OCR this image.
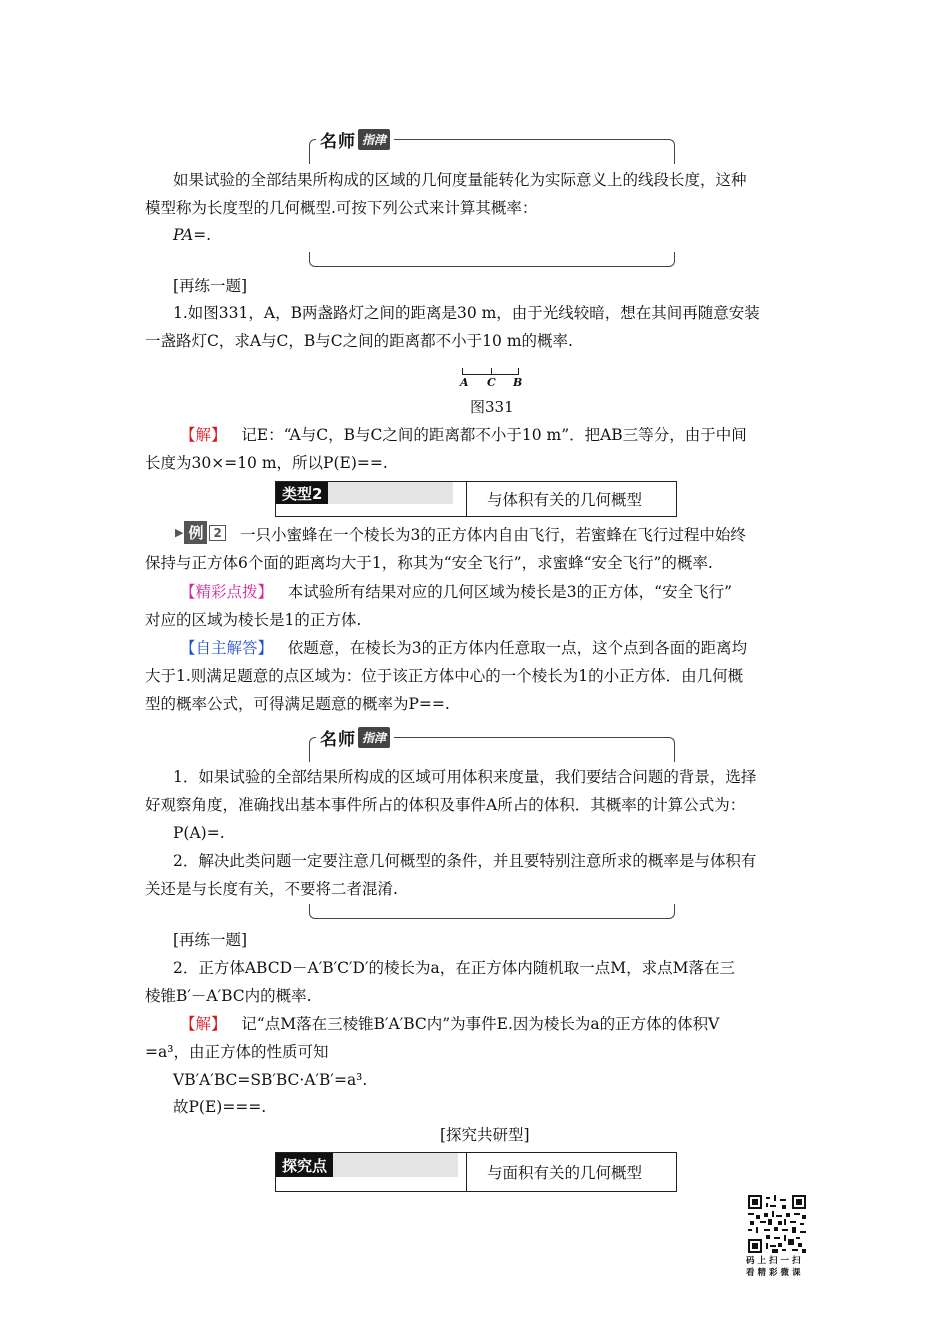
名师 指津
如果试验的全部结果所构成的区域的几何度量能转化为实际意义上的线段长度，这种
模型称为长度型的几何概型.可按下列公式来计算其概率：
PA=.
[再练一题]
1.如图331，A，B两盏路灯之间的距离是30 m，由于光线较暗，想在其间再随意安装
一盏路灯C，求A与C，B与C之间的距离都不小于10 m的概率.
A C B
图331
【解】 记E：“A与C，B与C之间的距离都不小于10 m”．把AB三等分，由于中间
长度为30×=10 m，所以P(E)==.
类型2	与体积有关的几何概型
▶ 例 2 一只小蜜蜂在一个棱长为3的正方体内自由飞行，若蜜蜂在飞行过程中始终
保持与正方体6个面的距离均大于1，称其为“安全飞行”，求蜜蜂“安全飞行”的概率.
【精彩点拨】 本试验所有结果对应的几何区域为棱长是3的正方体，“安全飞行”
对应的区域为棱长是1的正方体.
【自主解答】 依题意，在棱长为3的正方体内任意取一点，这个点到各面的距离均
大于1.则满足题意的点区域为：位于该正方体中心的一个棱长为1的小正方体．由几何概
型的概率公式，可得满足题意的概率为P==.
名师 指津
1．如果试验的全部结果所构成的区域可用体积来度量，我们要结合问题的背景，选择
好观察角度，准确找出基本事件所占的体积及事件A所占的体积．其概率的计算公式为：
P(A)=.
2．解决此类问题一定要注意几何概型的条件，并且要特别注意所求的概率是与体积有
关还是与长度有关，不要将二者混淆.
[再练一题]
2．正方体ABCD－A′B′C′D′的棱长为a，在正方体内随机取一点M，求点M落在三
棱锥B′－A′BC内的概率.
【解】 记“点M落在三棱锥B′A′BC内”为事件E.因为棱长为a的正方体的体积V
=a³，由正方体的性质可知
VB′A′BC=SB′BC·A′B′=a³.
故P(E)===.
[探究共研型]
探究点	与面积有关的几何概型
码上扫一扫
看精彩微课
